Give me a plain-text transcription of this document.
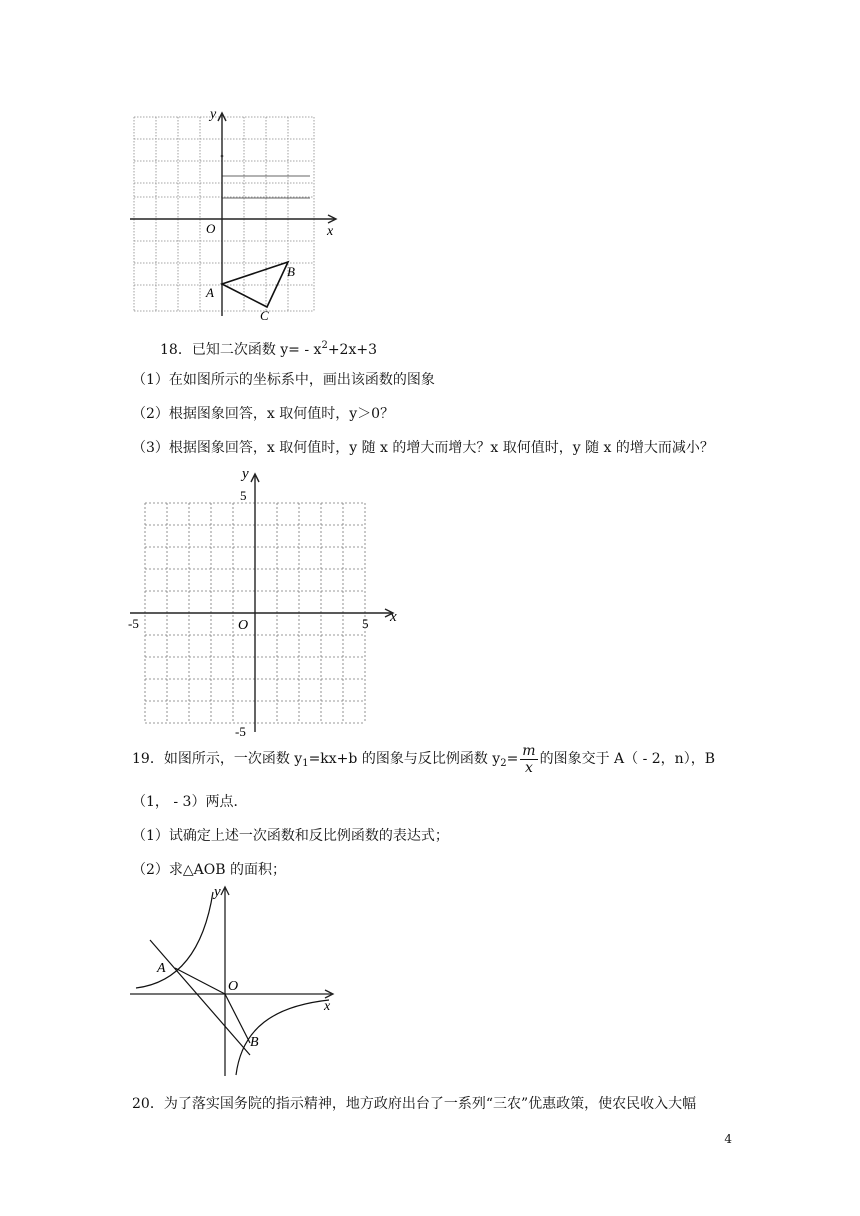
y
x
O
A
B
C
18．已知二次函数 $y= - x^2+2x+3$
（1）在如图所示的坐标系中，画出该函数的图象
（2）根据图象回答，x 取何值时，y＞0？
（3）根据图象回答，x 取何值时，y 随 x 的增大而增大？x 取何值时，y 随 x 的增大而减小？
y
x
O
5
-5
-5	5
19．如图所示，一次函数 $y_1=kx+b$ 的图象与反比例函数 $y_2= \frac{m}{x}$ 的图象交于 A（ - 2，n），B
（1， - 3）两点．
（1）试确定上述一次函数和反比例函数的表达式；
（2）求△AOB 的面积；
y
x
O
A
B
20．为了落实国务院的指示精神，地方政府出台了一系列“三农”优惠政策，使农民收入大幅
4
